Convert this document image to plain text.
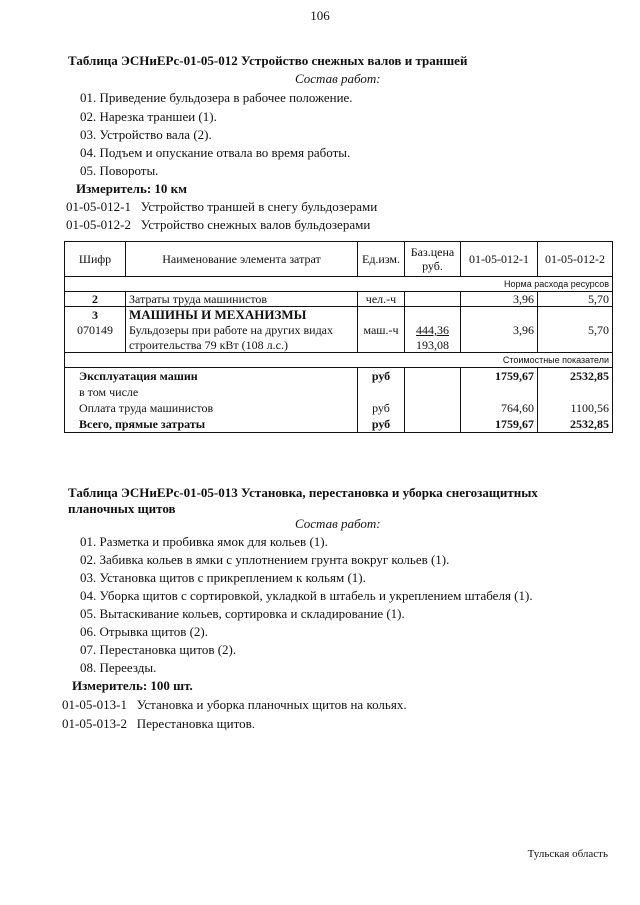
106
Таблица ЭСНиЕРс-01-05-012 Устройство снежных валов и траншей
Состав работ:
01. Приведение бульдозера в рабочее положение.
02. Нарезка траншеи (1).
03. Устройство вала (2).
04. Подъем и опускание отвала во время работы.
05. Повороты.
Измеритель: 10 км
01-05-012-1   Устройство траншей в снегу бульдозерами
01-05-012-2   Устройство снежных валов бульдозерами
Шифр	Наименование элемента затрат	Ед.изм.	Баз.цена руб.	01-05-012-1	01-05-012-2
Норма расхода ресурсов					
2	Затраты труда машинистов	чел.-ч		3,96	5,70
3	МАШИНЫ И МЕХАНИЗМЫ				
070149	Бульдозеры при работе на других видах	маш.-ч	444,36	3,96	5,70
	строительства 79 кВт (108 л.с.)		193,08		
Стоимостные показатели					
Эксплуатация машин		руб		1759,67	2532,85
в том числе					
Оплата труда машинистов		руб		764,60	1100,56
Всего, прямые затраты		руб		1759,67	2532,85
Таблица ЭСНиЕРс-01-05-013 Установка, перестановка и уборка снегозащитных
планочных щитов
Состав работ:
01. Разметка и пробивка ямок для кольев (1).
02. Забивка кольев в ямки с уплотнением грунта вокруг кольев (1).
03. Установка щитов с прикреплением к кольям (1).
04. Уборка щитов с сортировкой, укладкой в штабель и укреплением штабеля (1).
05. Вытаскивание кольев, сортировка и складирование (1).
06. Отрывка щитов (2).
07. Перестановка щитов (2).
08. Переезды.
Измеритель: 100 шт.
01-05-013-1   Установка и уборка планочных щитов на кольях.
01-05-013-2   Перестановка щитов.
Тульская область
